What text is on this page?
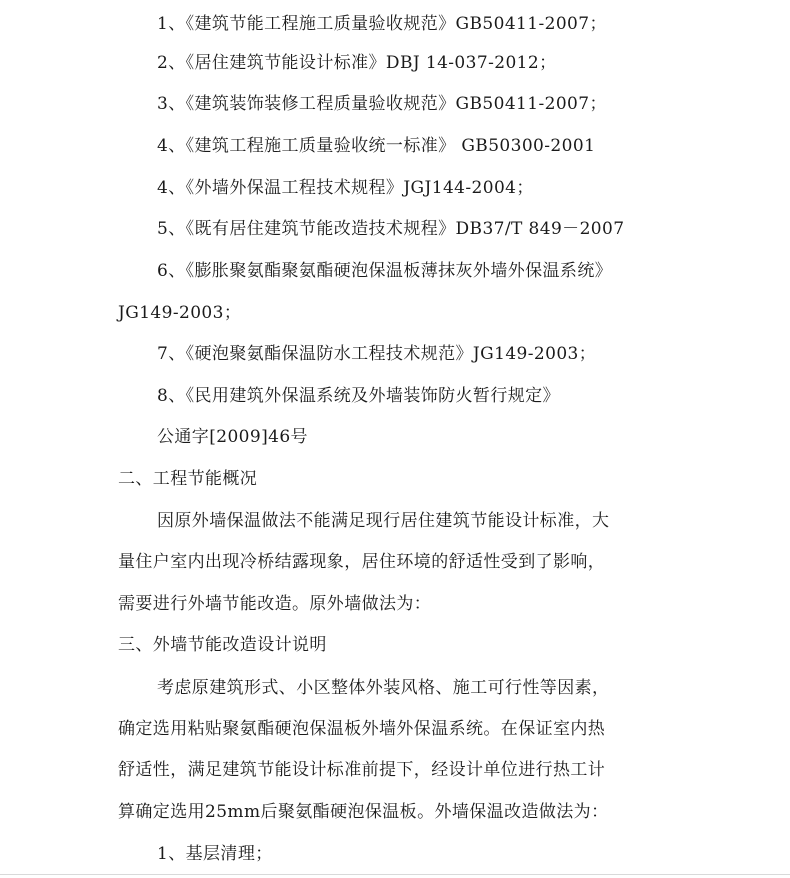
1、《建筑节能工程施工质量验收规范》GB50411-2007；
2、《居住建筑节能设计标准》DBJ 14-037-2012；
3、《建筑装饰装修工程质量验收规范》GB50411-2007；
4、《建筑工程施工质量验收统一标准》 GB50300-2001
4、《外墙外保温工程技术规程》JGJ144-2004；
5、《既有居住建筑节能改造技术规程》DB37/T 849－2007
6、《膨胀聚氨酯聚氨酯硬泡保温板薄抹灰外墙外保温系统》
JG149-2003；
7、《硬泡聚氨酯保温防水工程技术规范》JG149-2003；
8、《民用建筑外保温系统及外墙装饰防火暂行规定》
公通字[2009]46号
二、工程节能概况
因原外墙保温做法不能满足现行居住建筑节能设计标准，大
量住户室内出现冷桥结露现象，居住环境的舒适性受到了影响，
需要进行外墙节能改造。原外墙做法为：
三、外墙节能改造设计说明
考虑原建筑形式、小区整体外装风格、施工可行性等因素，
确定选用粘贴聚氨酯硬泡保温板外墙外保温系统。在保证室内热
舒适性，满足建筑节能设计标准前提下，经设计单位进行热工计
算确定选用25mm后聚氨酯硬泡保温板。外墙保温改造做法为：
1、基层清理；
